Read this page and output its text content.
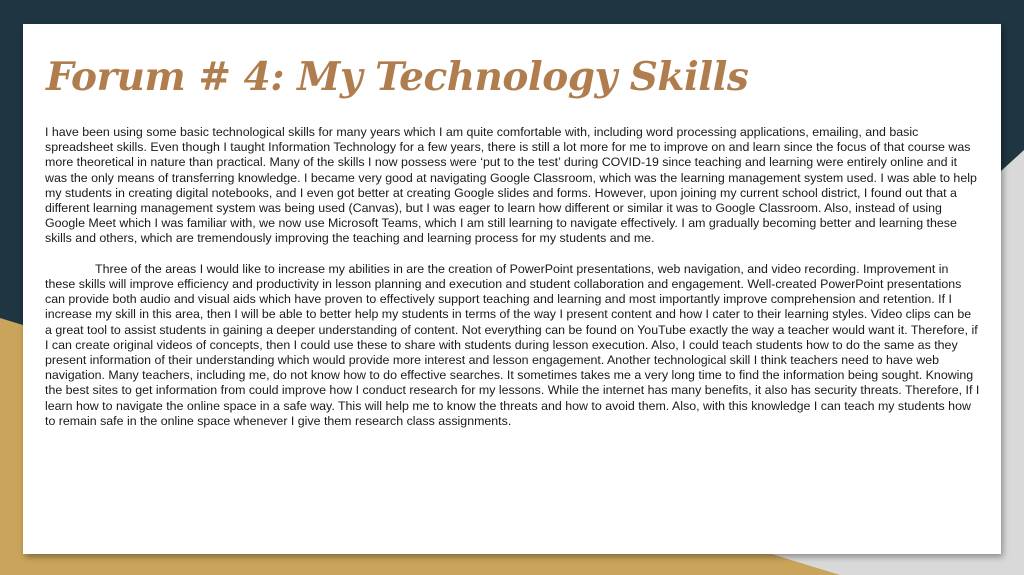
Forum # 4: My Technology Skills

I have been using some basic technological skills for many years which I am quite comfortable with, including word processing applications, emailing, and basic spreadsheet skills. Even though I taught Information Technology for a few years, there is still a lot more for me to improve on and learn since the focus of that course was more theoretical in nature than practical. Many of the skills I now possess were ‘put to the test’ during COVID-19 since teaching and learning were entirely online and it was the only means of transferring knowledge. I became very good at navigating Google Classroom, which was the learning management system used. I was able to help my students in creating digital notebooks, and I even got better at creating Google slides and forms. However, upon joining my current school district, I found out that a different learning management system was being used (Canvas), but I was eager to learn how different or similar it was to Google Classroom. Also, instead of using Google Meet which I was familiar with, we now use Microsoft Teams, which I am still learning to navigate effectively. I am gradually becoming better and learning these skills and others, which are tremendously improving the teaching and learning process for my students and me.

Three of the areas I would like to increase my abilities in are the creation of PowerPoint presentations, web navigation, and video recording. Improvement in these skills will improve efficiency and productivity in lesson planning and execution and student collaboration and engagement. Well-created PowerPoint presentations can provide both audio and visual aids which have proven to effectively support teaching and learning and most importantly improve comprehension and retention. If I increase my skill in this area, then I will be able to better help my students in terms of the way I present content and how I cater to their learning styles. Video clips can be a great tool to assist students in gaining a deeper understanding of content. Not everything can be found on YouTube exactly the way a teacher would want it. Therefore, if I can create original videos of concepts, then I could use these to share with students during lesson execution. Also, I could teach students how to do the same as they present information of their understanding which would provide more interest and lesson engagement. Another technological skill I think teachers need to have web navigation. Many teachers, including me, do not know how to do effective searches. It sometimes takes me a very long time to find the information being sought. Knowing the best sites to get information from could improve how I conduct research for my lessons. While the internet has many benefits, it also has security threats. Therefore, If I learn how to navigate the online space in a safe way. This will help me to know the threats and how to avoid them. Also, with this knowledge I can teach my students how to remain safe in the online space whenever I give them research class assignments.
